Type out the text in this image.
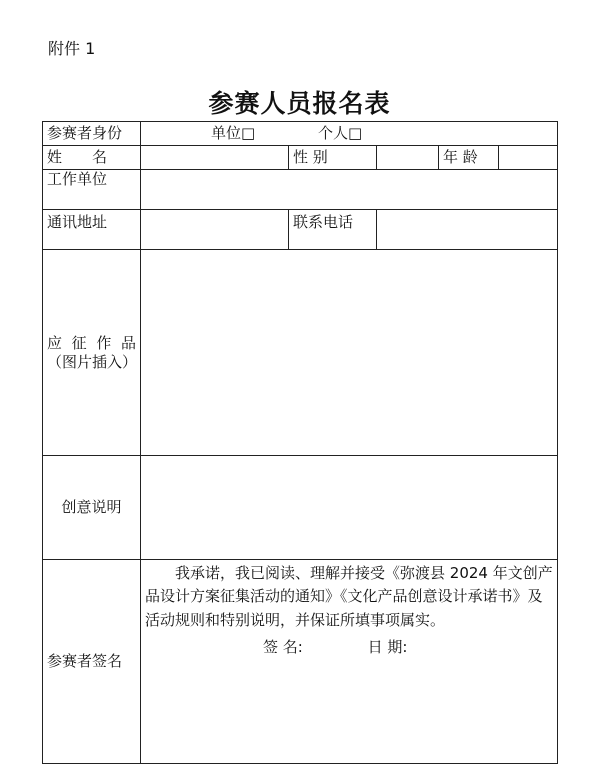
附件 1
参赛人员报名表
参赛者身份	单位□ 个人□				
姓　　名		性 别		年 龄	
工作单位					
通讯地址		联系电话			
应征作品（图片插入）					
创意说明					
参赛者签名	我承诺，我已阅读、理解并接受《弥渡县 2024 年文创产品设计方案征集活动的通知》《文化产品创意设计承诺书》及活动规则和特别说明，并保证所填事项属实。
签 名: 日 期:				
